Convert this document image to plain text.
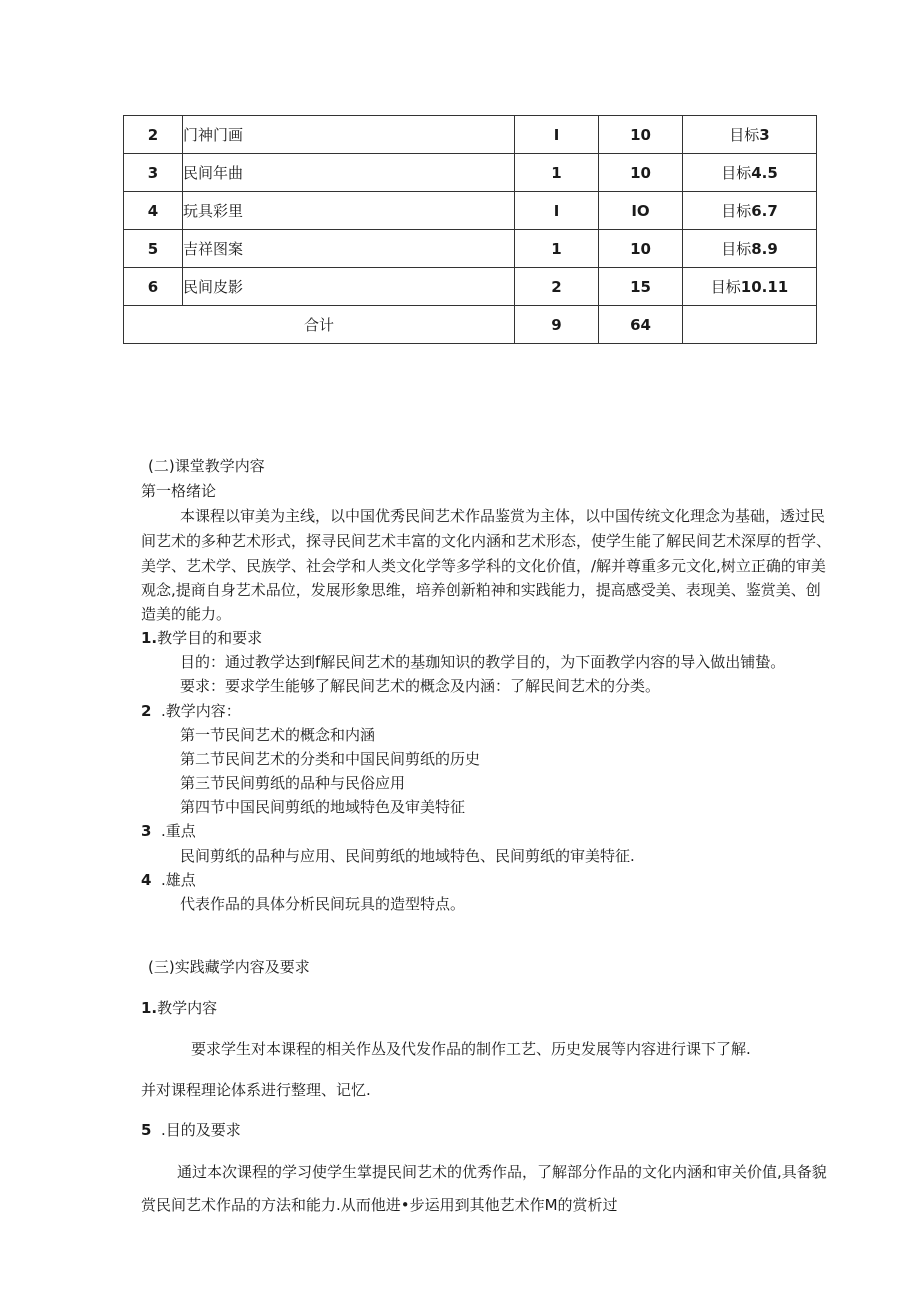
2	门神门画	I	10	目标3
3	民间年曲	1	10	目标4.5
4	玩具彩里	I	IO	目标6.7
5	吉祥图案	1	10	目标8.9
6	民间皮影	2	15	目标10.11
合计		9	64	
(二)课堂教学内容
第一格绪论
本课程以审美为主线，以中国优秀民间艺术作品鉴赏为主体，以中国传统文化理念为基础，透过民
间艺术的多种艺术形式，探寻民间艺术丰富的文化内涵和艺术形态，使学生能了解民间艺术深厚的哲学、
美学、艺术学、民族学、社会学和人类文化学等多学科的文化价值，/解并尊重多元文化,树立正确的审美
观念,提商自身艺术品位，发展形象思维，培养创新粕神和实践能力，提高感受美、表现美、鉴赏美、创
造美的能力。
1.教学目的和要求
目的：通过教学达到f解民间艺术的基珈知识的教学目的，为下面教学内容的导入做出铺蛰。
要求：要求学生能够了解民间艺术的概念及内涵：了解民间艺术的分类。
2 .教学内容：
第一节民间艺术的概念和内涵
第二节民间艺术的分类和中国民间剪纸的历史
第三节民间剪纸的品种与民俗应用
第四节中国民间剪纸的地域特色及审美特征
3 .重点
民间剪纸的品种与应用、民间剪纸的地域特色、民间剪纸的审美特征.
4 .雄点
代表作品的具体分析民间玩具的造型特点。
(三)实践藏学内容及要求
1.教学内容
要求学生对本课程的相关作丛及代发作品的制作工艺、历史发展等内容进行课下了解.
并对课程理论体系进行整理、记忆.
5 .目的及要求
通过本次课程的学习使学生掌提民间艺术的优秀作品，了解部分作品的文化内涵和审关价值,具备貌
赏民间艺术作品的方法和能力.从而他进•步运用到其他艺术作M的赏析过
